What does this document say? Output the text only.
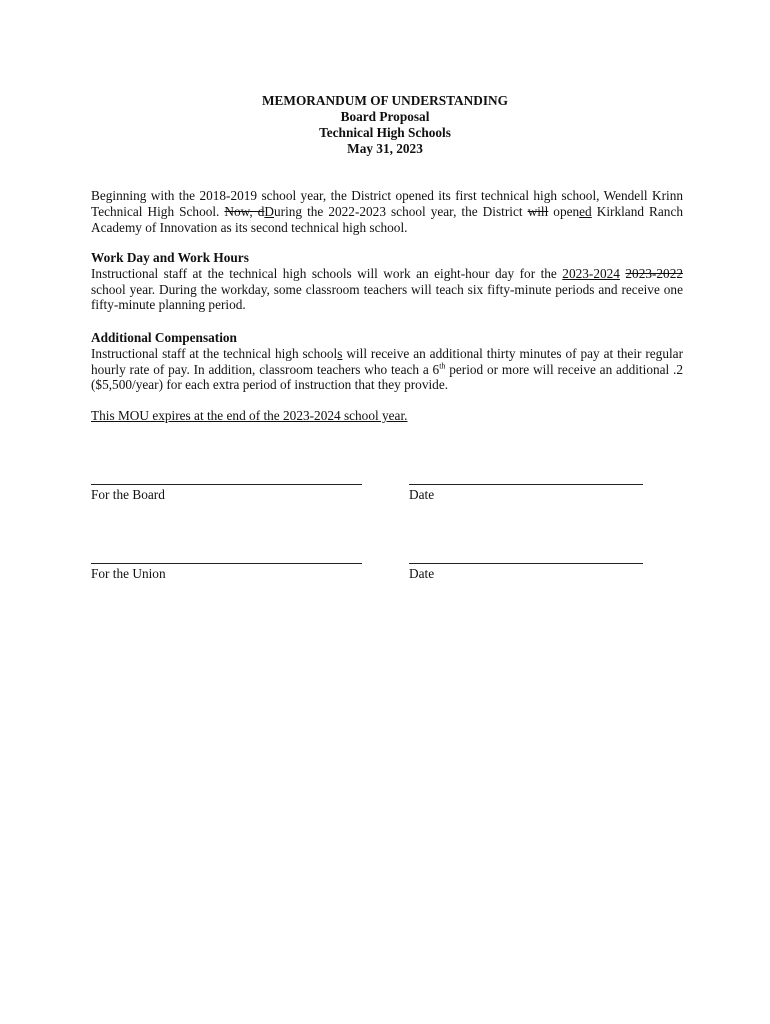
MEMORANDUM OF UNDERSTANDING
Board Proposal
Technical High Schools
May 31, 2023

Beginning with the 2018-2019 school year, the District opened its first technical high school, Wendell Krinn Technical High School. Now, dDuring the 2022-2023 school year, the District will opened Kirkland Ranch Academy of Innovation as its second technical high school.

Work Day and Work Hours

Instructional staff at the technical high schools will work an eight-hour day for the 2023-2024 2023-2022 school year. During the workday, some classroom teachers will teach six fifty-minute periods and receive one fifty-minute planning period.

Additional Compensation

Instructional staff at the technical high schools will receive an additional thirty minutes of pay at their regular hourly rate of pay. In addition, classroom teachers who teach a 6th period or more will receive an additional .2 ($5,500/year) for each extra period of instruction that they provide.

This MOU expires at the end of the 2023-2024 school year.

For the Board	Date
For the Union	Date
